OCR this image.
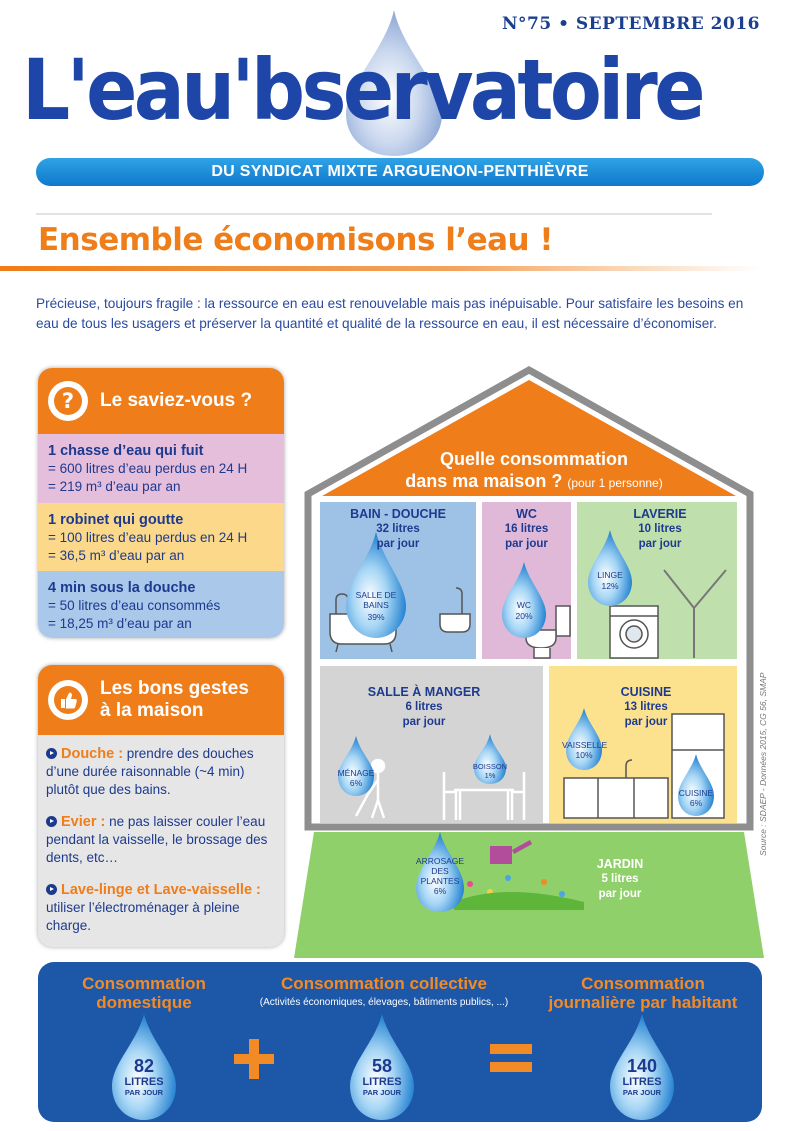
N°75 • SEPTEMBRE 2016
L'eau'bservatoire
DU SYNDICAT MIXTE ARGUENON-PENTHIÈVRE
Ensemble économisons l’eau !
Précieuse, toujours fragile : la ressource en eau est renouvelable mais pas inépuisable. Pour satisfaire les besoins en eau de tous les usagers et préserver la quantité et qualité de la ressource en eau, il est nécessaire d’économiser.
? Le saviez-vous ?
1 chasse d’eau qui fuit
= 600 litres d’eau perdus en 24 H
= 219 m³ d’eau par an
1 robinet qui goutte
= 100 litres d’eau perdus en 24 H
= 36,5 m³ d’eau par an
4 min sous la douche
= 50 litres d’eau consommés
= 18,25 m³ d’eau par an
Les bons gestes
à la maison
Douche : prendre des douches d’une durée raisonnable (~4 min) plutôt que des bains.
Evier : ne pas laisser couler l’eau pendant la vaisselle, le brossage des dents, etc…
Lave-linge et Lave-vaisselle : utiliser l’électroménager à pleine charge.
Quelle consommation
dans ma maison ? (pour 1 personne)
BAIN - DOUCHE
32 litres
par jour
WC
16 litres
par jour
LAVERIE
10 litres
par jour
SALLE À MANGER
6 litres
par jour
CUISINE
13 litres
par jour
JARDIN
5 litres
par jour
SALLE DE BAINS
39%
WC
20%
LINGE
12%
MÉNAGE
6%
BOISSON
1%
VAISSELLE
10%
CUISINE
6%
ARROSAGE
DES
PLANTES
6%
Source : SDAEP - Données 2015, CG 56, SMAP
Consommation
domestique
Consommation collective
(Activités économiques, élevages, bâtiments publics, ...)
Consommation
journalière par habitant
82
LITRES
PAR JOUR
58
LITRES
PAR JOUR
140
LITRES
PAR JOUR
